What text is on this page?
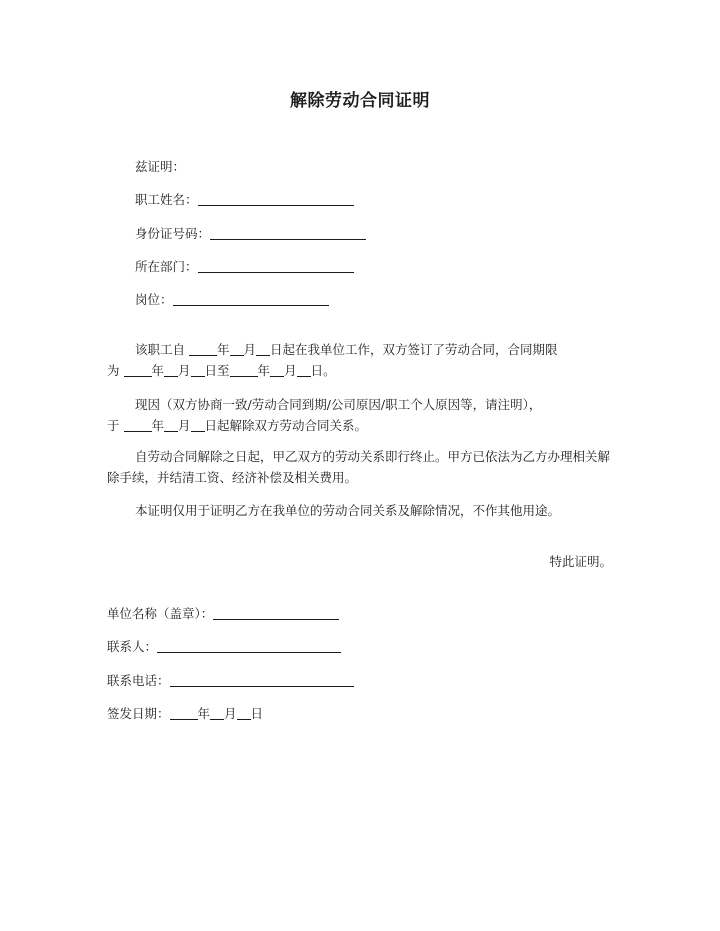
解除劳动合同证明
兹证明：
职工姓名：
身份证号码：
所在部门：
岗位：
该职工自	年 月 日起在我单位工作，双方签订了劳动合同，合同期限
为	年 月 日至 年 月 日。
现因（双方协商一致/劳动合同到期/公司原因/职工个人原因等，请注明），
于	年 月 日起解除双方劳动合同关系。
自劳动合同解除之日起，甲乙双方的劳动关系即行终止。甲方已依法为乙方办理相关解除手续，并结清工资、经济补偿及相关费用。
本证明仅用于证明乙方在我单位的劳动合同关系及解除情况，不作其他用途。
特此证明。
单位名称（盖章）：
联系人：
联系电话：
签发日期： 年 月 日
